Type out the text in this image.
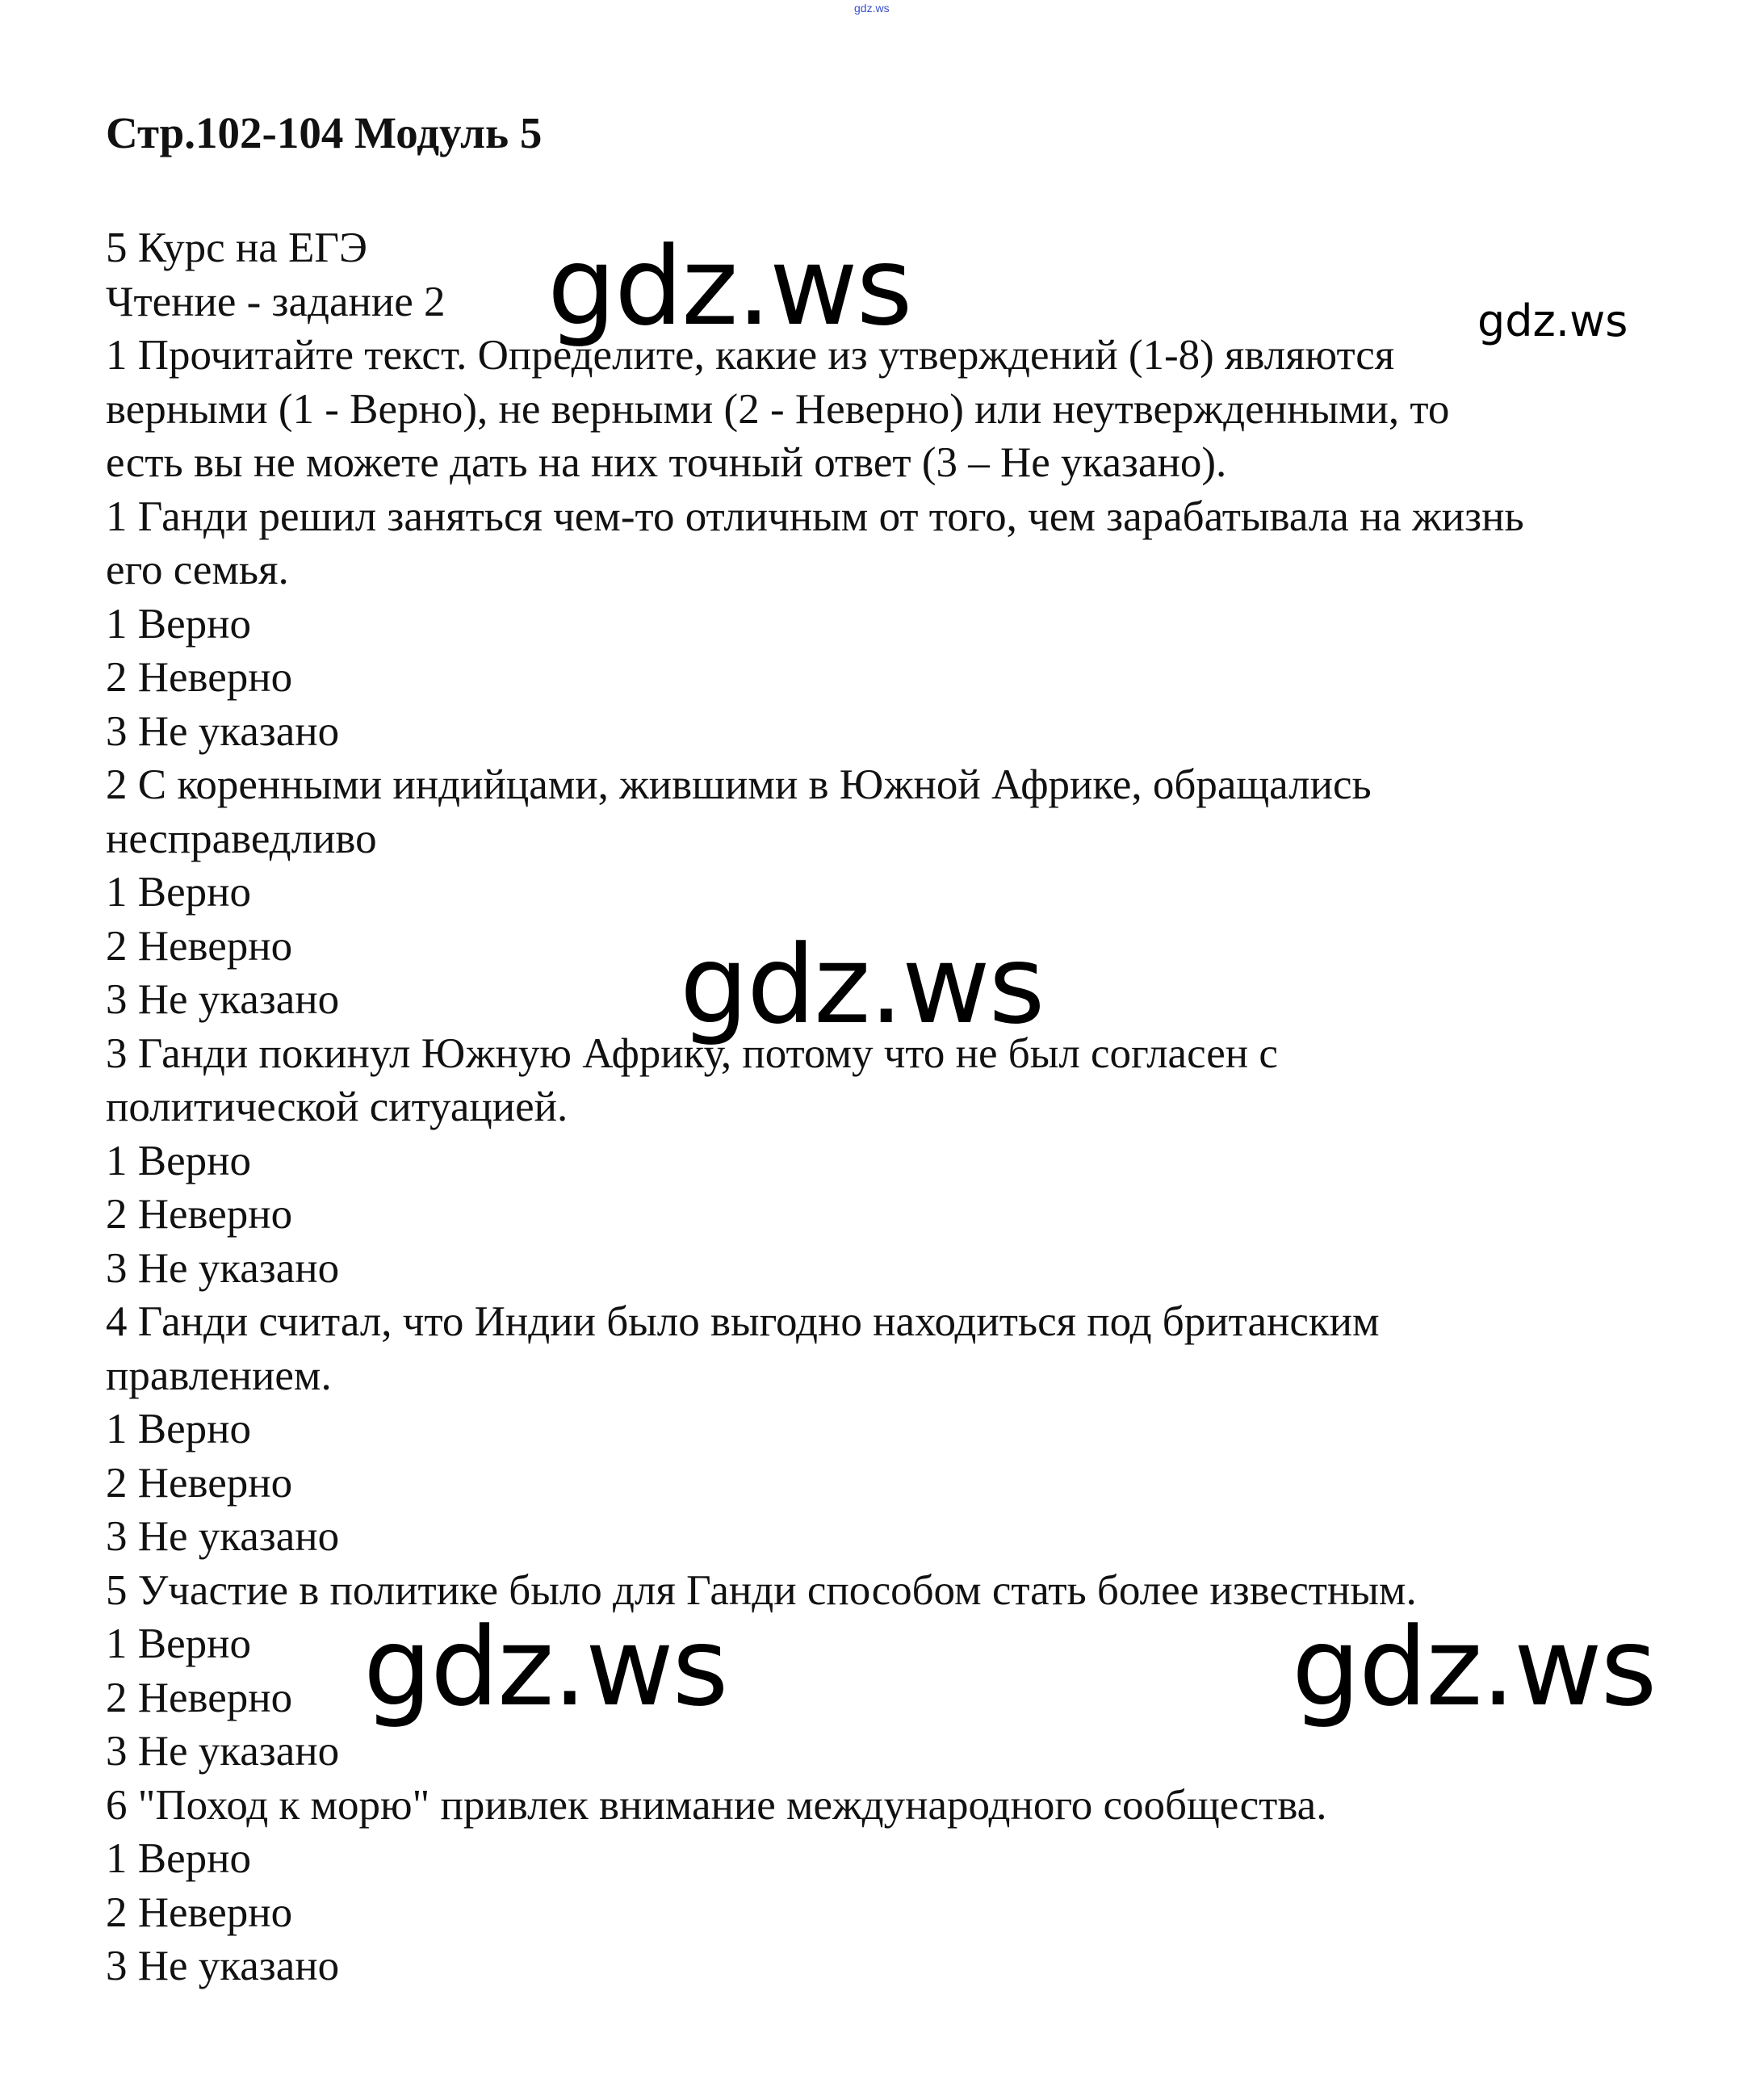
gdz.ws
Стр.102-104 Модуль 5
5 Курс на ЕГЭ
Чтение - задание 2
1 Прочитайте текст. Определите, какие из утверждений (1-8) являются
верными (1 - Верно), не верными (2 - Неверно) или неутвержденными, то
есть вы не можете дать на них точный ответ (3 – Не указано).
1 Ганди решил заняться чем-то отличным от того, чем зарабатывала на жизнь
его семья.
1 Верно
2 Неверно
3 Не указано
2 С коренными индийцами, жившими в Южной Африке, обращались
несправедливо
1 Верно
2 Неверно
3 Не указано
3 Ганди покинул Южную Африку, потому что не был согласен с
политической ситуацией.
1 Верно
2 Неверно
3 Не указано
4 Ганди считал, что Индии было выгодно находиться под британским
правлением.
1 Верно
2 Неверно
3 Не указано
5 Участие в политике было для Ганди способом стать более известным.
1 Верно
2 Неверно
3 Не указано
6 "Поход к морю" привлек внимание международного сообщества.
1 Верно
2 Неверно
3 Не указано
gdz.ws	gdz.ws
gdz.ws
gdz.ws	gdz.ws
